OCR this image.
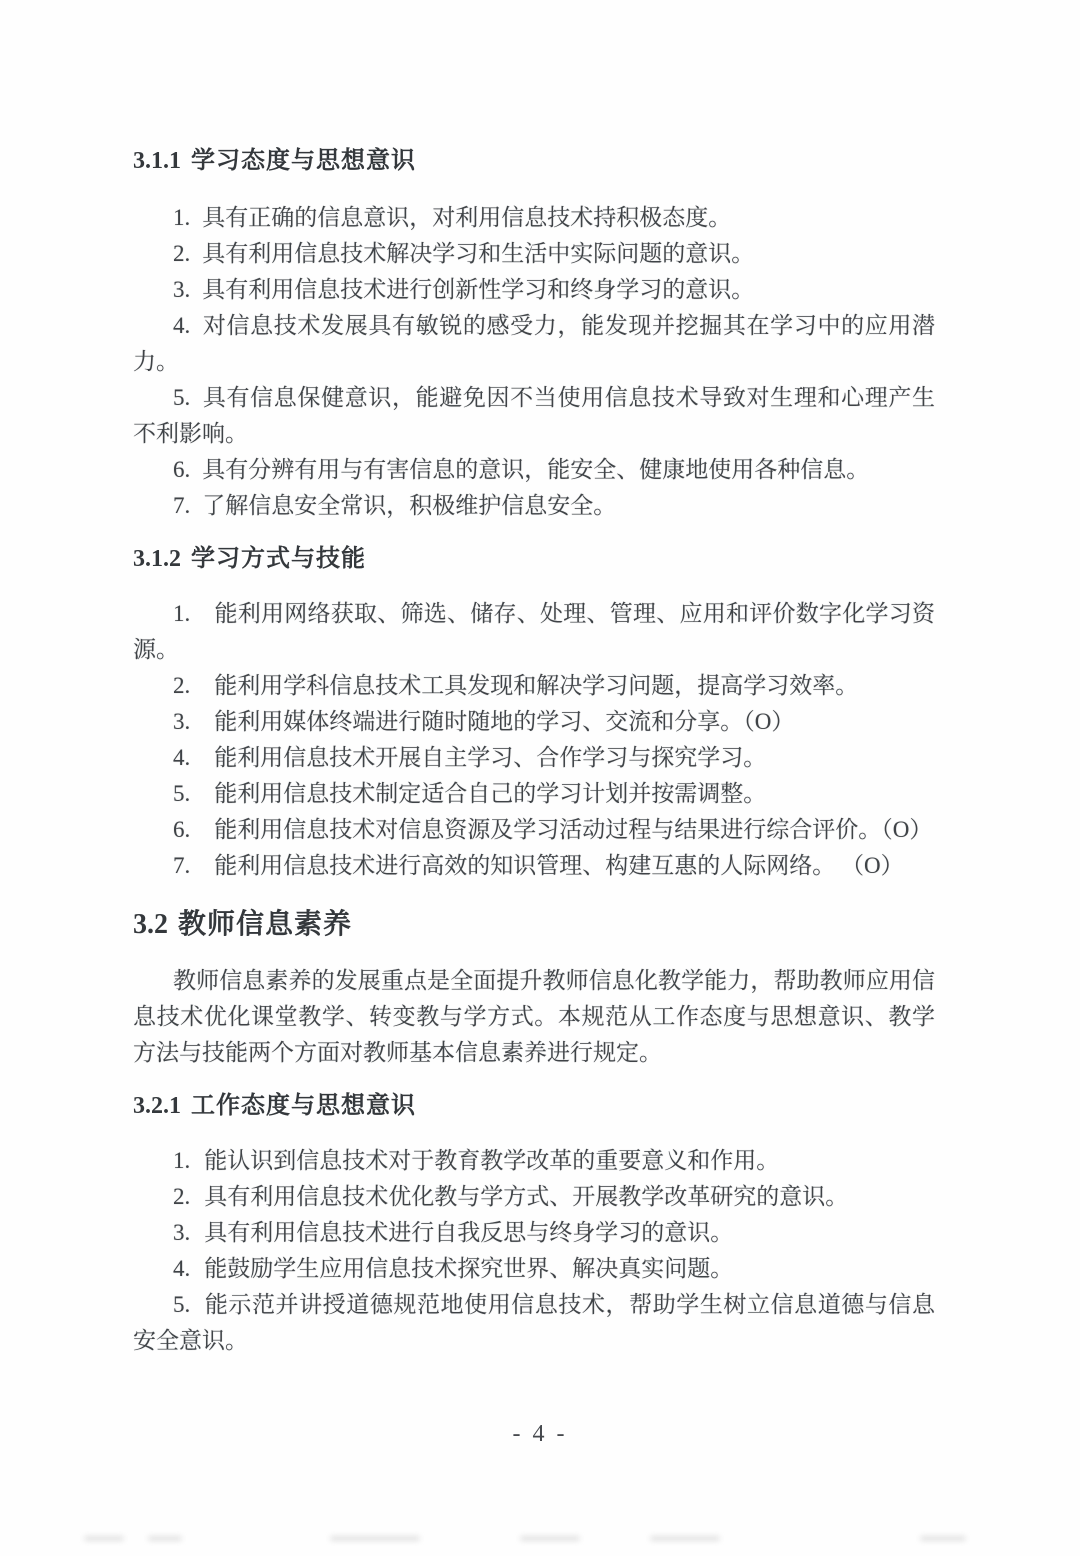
3.1.1 学习态度与思想意识

1. 具有正确的信息意识，对利用信息技术持积极态度。

2. 具有利用信息技术解决学习和生活中实际问题的意识。

3. 具有利用信息技术进行创新性学习和终身学习的意识。

4. 对信息技术发展具有敏锐的感受力，能发现并挖掘其在学习中的应用潜力。

5. 具有信息保健意识，能避免因不当使用信息技术导致对生理和心理产生不利影响。

6. 具有分辨有用与有害信息的意识，能安全、健康地使用各种信息。

7. 了解信息安全常识，积极维护信息安全。

3.1.2 学习方式与技能

1. 能利用网络获取、筛选、储存、处理、管理、应用和评价数字化学习资源。

2. 能利用学科信息技术工具发现和解决学习问题，提高学习效率。

3. 能利用媒体终端进行随时随地的学习、交流和分享。（O）

4. 能利用信息技术开展自主学习、合作学习与探究学习。

5. 能利用信息技术制定适合自己的学习计划并按需调整。

6. 能利用信息技术对信息资源及学习活动过程与结果进行综合评价。（O）

7. 能利用信息技术进行高效的知识管理、构建互惠的人际网络。 （O）

3.2 教师信息素养

教师信息素养的发展重点是全面提升教师信息化教学能力，帮助教师应用信息技术优化课堂教学、转变教与学方式。本规范从工作态度与思想意识、教学方法与技能两个方面对教师基本信息素养进行规定。

3.2.1 工作态度与思想意识

1. 能认识到信息技术对于教育教学改革的重要意义和作用。

2. 具有利用信息技术优化教与学方式、开展教学改革研究的意识。

3. 具有利用信息技术进行自我反思与终身学习的意识。

4. 能鼓励学生应用信息技术探究世界、解决真实问题。

5. 能示范并讲授道德规范地使用信息技术，帮助学生树立信息道德与信息安全意识。

- 4 -
